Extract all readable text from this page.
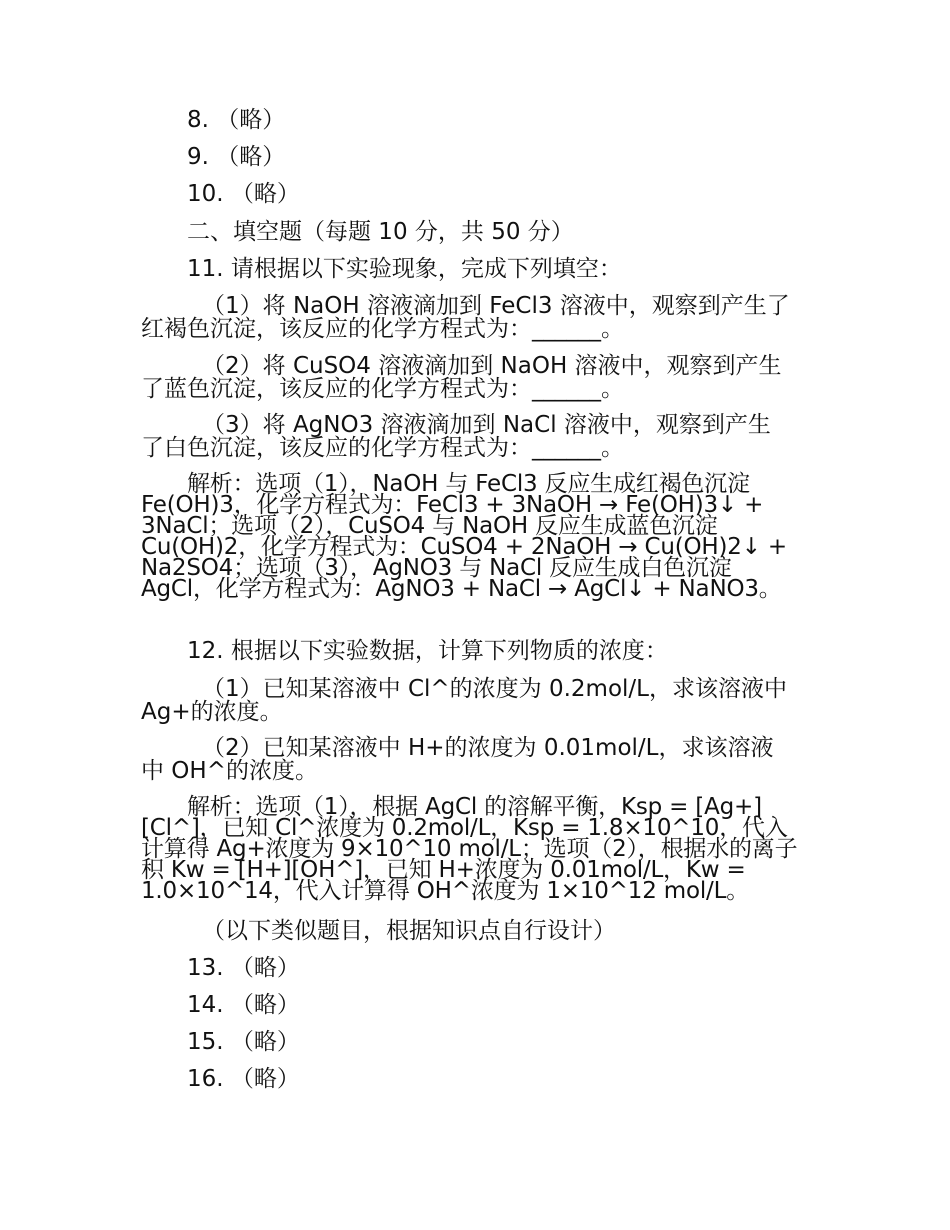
8. （略）
9. （略）
10. （略）
二、填空题（每题 10 分，共 50 分）
11. 请根据以下实验现象，完成下列填空：
（1）将 NaOH 溶液滴加到 FeCl3 溶液中，观察到产生了
红褐色沉淀，该反应的化学方程式为：______。
（2）将 CuSO4 溶液滴加到 NaOH 溶液中，观察到产生
了蓝色沉淀，该反应的化学方程式为：______。
（3）将 AgNO3 溶液滴加到 NaCl 溶液中，观察到产生
了白色沉淀，该反应的化学方程式为：______。
解析：选项（1），NaOH 与 FeCl3 反应生成红褐色沉淀 Fe(OH)3，化学方程式为：FeCl3 + 3NaOH → Fe(OH)3↓ + 3NaCl；选项（2），CuSO4 与 NaOH 反应生成蓝色沉淀 Cu(OH)2，化学方程式为：CuSO4 + 2NaOH → Cu(OH)2↓ + Na2SO4；选项（3），AgNO3 与 NaCl 反应生成白色沉淀 AgCl，化学方程式为：AgNO3 + NaCl → AgCl↓ + NaNO3。
12. 根据以下实验数据，计算下列物质的浓度：
（1）已知某溶液中 Cl^的浓度为 0.2mol/L，求该溶液中
Ag+的浓度。
（2）已知某溶液中 H+的浓度为 0.01mol/L，求该溶液
中 OH^的浓度。
解析：选项（1），根据 AgCl 的溶解平衡，Ksp = [Ag+][Cl^]，已知 Cl^浓度为 0.2mol/L，Ksp = 1.8×10^10，代入计算得 Ag+浓度为 9×10^10 mol/L；选项（2），根据水的离子积 Kw = [H+][OH^]，已知 H+浓度为 0.01mol/L，Kw = 1.0×10^14，代入计算得 OH^浓度为 1×10^12 mol/L。
（以下类似题目，根据知识点自行设计）
13. （略）
14. （略）
15. （略）
16. （略）
